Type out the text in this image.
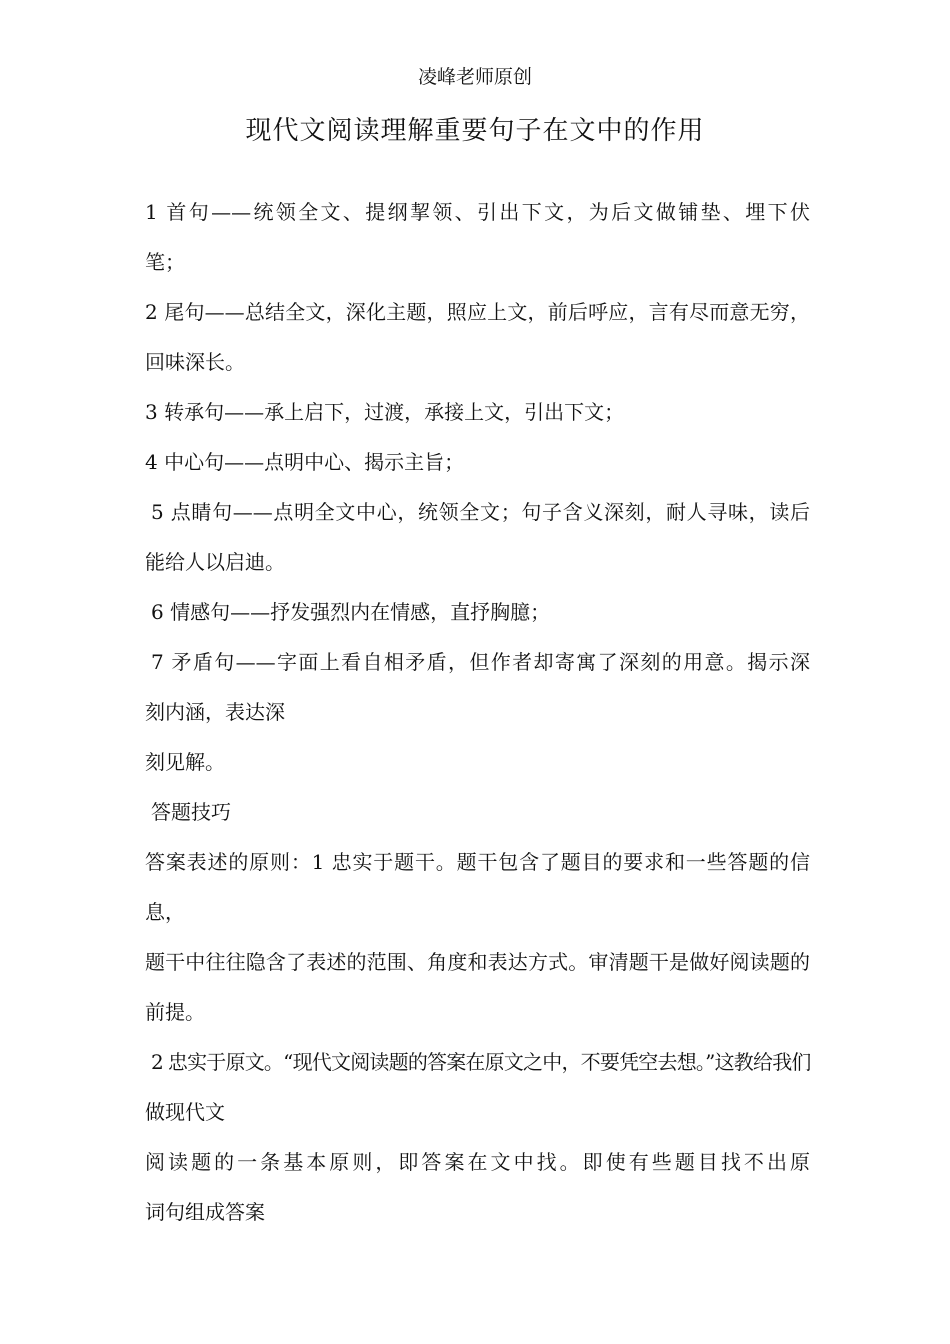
凌峰老师原创
现代文阅读理解重要句子在文中的作用
1 首句——统领全文、提纲挈领、引出下文，为后文做铺垫、埋下伏
笔；
2 尾句——总结全文，深化主题，照应上文，前后呼应，言有尽而意无穷，
回味深长。
3 转承句——承上启下，过渡，承接上文，引出下文；
4 中心句——点明中心、揭示主旨；
5 点睛句——点明全文中心，统领全文；句子含义深刻，耐人寻味，读后
能给人以启迪。
6 情感句——抒发强烈内在情感，直抒胸臆；
7 矛盾句——字面上看自相矛盾，但作者却寄寓了深刻的用意。揭示深
刻内涵，表达深
刻见解。
答题技巧
答案表述的原则：1 忠实于题干。题干包含了题目的要求和一些答题的信
息，
题干中往往隐含了表述的范围、角度和表达方式。审清题干是做好阅读题的
前提。
2 忠实于原文。“现代文阅读题的答案在原文之中，不要凭空去想。”这教给我们
做现代文
阅读题的一条基本原则，即答案在文中找。即使有些题目找不出原
词句组成答案
